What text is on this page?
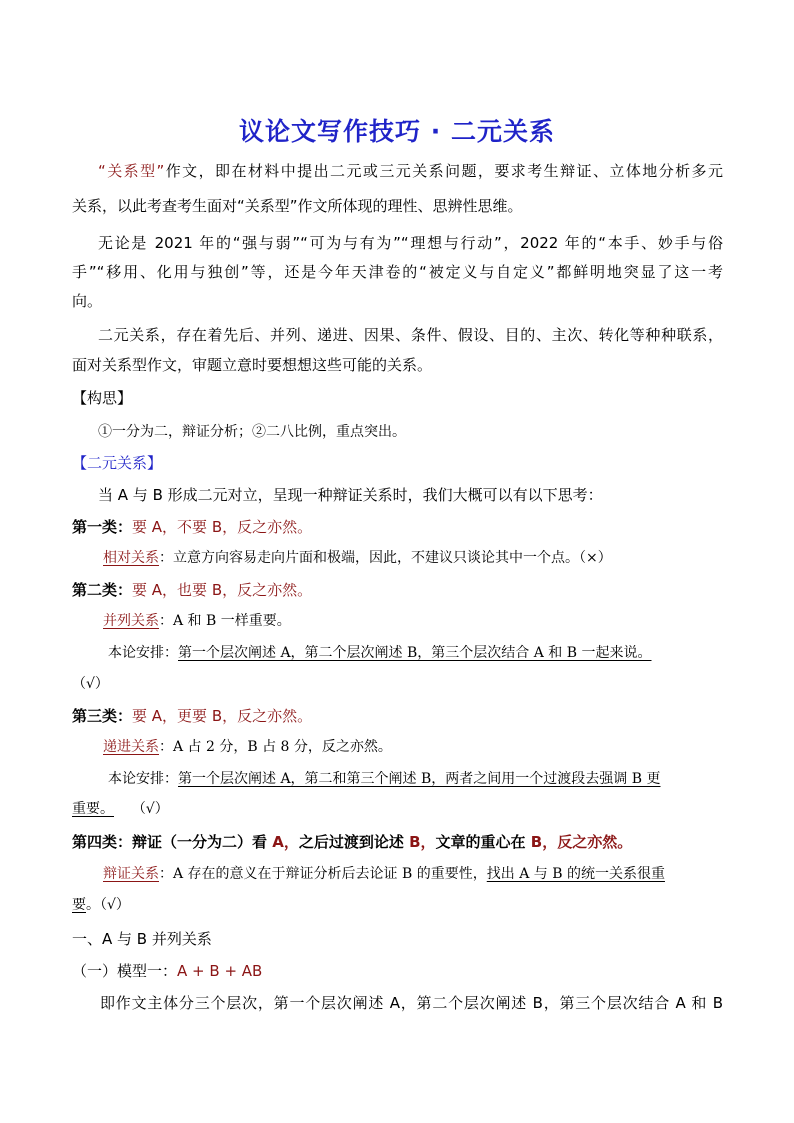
议论文写作技巧 · 二元关系
“关系型”作文，即在材料中提出二元或三元关系问题，要求考生辩证、立体地分析多元
关系，以此考查考生面对“关系型”作文所体现的理性、思辨性思维。
无论是 2021 年的“强与弱”“可为与有为”“理想与行动”，2022 年的“本手、妙手与俗
手”“移用、化用与独创”等，还是今年天津卷的“被定义与自定义”都鲜明地突显了这一考
向。
二元关系，存在着先后、并列、递进、因果、条件、假设、目的、主次、转化等种种联系，
面对关系型作文，审题立意时要想想这些可能的关系。
【构思】
①一分为二，辩证分析；②二八比例，重点突出。
【二元关系】
当 A 与 B 形成二元对立，呈现一种辩证关系时，我们大概可以有以下思考：
第一类：要 A，不要 B，反之亦然。
相对关系：立意方向容易走向片面和极端，因此，不建议只谈论其中一个点。（×）
第二类：要 A，也要 B，反之亦然。
并列关系：A 和 B 一样重要。
本论安排：第一个层次阐述 A，第二个层次阐述 B，第三个层次结合 A 和 B 一起来说。
（√）
第三类：要 A，更要 B，反之亦然。
递进关系：A 占 2 分，B 占 8 分，反之亦然。
本论安排：第一个层次阐述 A，第二和第三个阐述 B，两者之间用一个过渡段去强调 B 更
重要。 （√）
第四类：辩证（一分为二）看 A，之后过渡到论述 B，文章的重心在 B，反之亦然。
辩证关系：A 存在的意义在于辩证分析后去论证 B 的重要性，找出 A 与 B 的统一关系很重
要。（√）
一、A 与 B 并列关系
（一）模型一：A + B + AB
即作文主体分三个层次，第一个层次阐述 A，第二个层次阐述 B，第三个层次结合 A 和 B
